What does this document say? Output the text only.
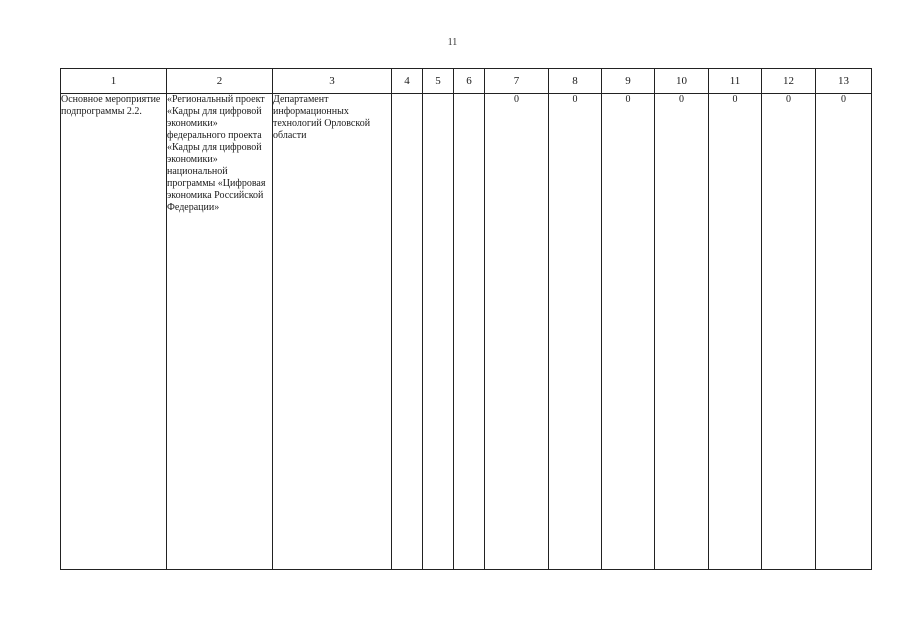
11
1	2	3	4	5	6	7	8	9	10	11	12	13
Основное мероприятие подпрограммы 2.2.	«Региональный проект «Кадры для цифровой экономики» федерального проекта «Кадры для цифровой экономики» национальной программы «Цифровая экономика Российской Федерации»	Департамент информационных технологий Орловской области				0	0	0	0	0	0	0
